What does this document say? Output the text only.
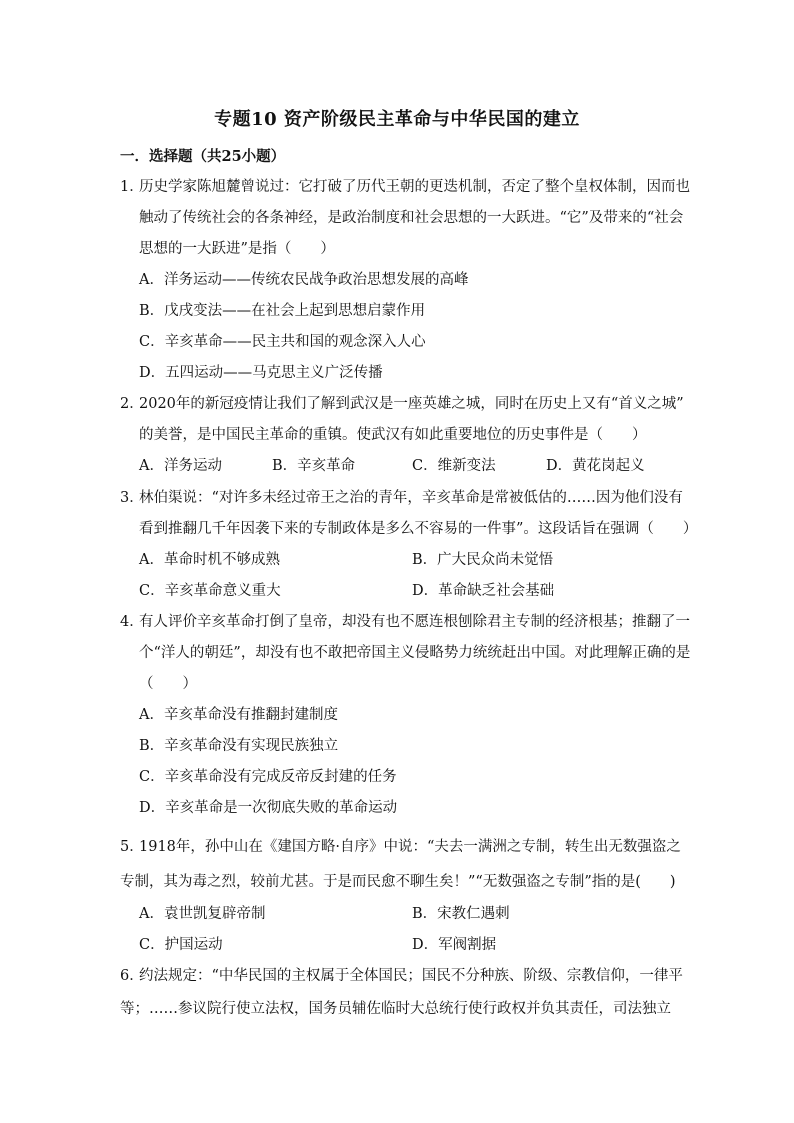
专题10 资产阶级民主革命与中华民国的建立
一．选择题（共25小题）
1．
历史学家陈旭麓曾说过：它打破了历代王朝的更迭机制，否定了整个皇权体制，因而也
触动了传统社会的各条神经，是政治制度和社会思想的一大跃进。“它”及带来的“社会
思想的一大跃进”是指（　　）
A．洋务运动——传统农民战争政治思想发展的高峰
B．戊戌变法——在社会上起到思想启蒙作用
C．辛亥革命——民主共和国的观念深入人心
D．五四运动——马克思主义广泛传播
2．
2020年的新冠疫情让我们了解到武汉是一座英雄之城，同时在历史上又有“首义之城”
的美誉，是中国民主革命的重镇。使武汉有如此重要地位的历史事件是（　　）
A．洋务运动	B．辛亥革命	C．维新变法	D．黄花岗起义
3．
林伯渠说：“对许多未经过帝王之治的青年，辛亥革命是常被低估的……因为他们没有
看到推翻几千年因袭下来的专制政体是多么不容易的一件事”。这段话旨在强调（　　）
A．革命时机不够成熟	B．广大民众尚未觉悟
C．辛亥革命意义重大	D．革命缺乏社会基础
4．
有人评价辛亥革命打倒了皇帝，却没有也不愿连根刨除君主专制的经济根基；推翻了一
个“洋人的朝廷”，却没有也不敢把帝国主义侵略势力统统赶出中国。对此理解正确的是
（　　）
A．辛亥革命没有推翻封建制度
B．辛亥革命没有实现民族独立
C．辛亥革命没有完成反帝反封建的任务
D．辛亥革命是一次彻底失败的革命运动
5．
1918年，孙中山在《建国方略·自序》中说：“夫去一满洲之专制，转生出无数强盗之
专制，其为毒之烈，较前尤甚。于是而民愈不聊生矣！”“无数强盗之专制”指的是(　　)
A．袁世凯复辟帝制	B．宋教仁遇刺
C．护国运动	D．军阀割据
6．
约法规定：“中华民国的主权属于全体国民；国民不分种族、阶级、宗教信仰，一律平
等；……参议院行使立法权，国务员辅佐临时大总统行使行政权并负其责任，司法独立
